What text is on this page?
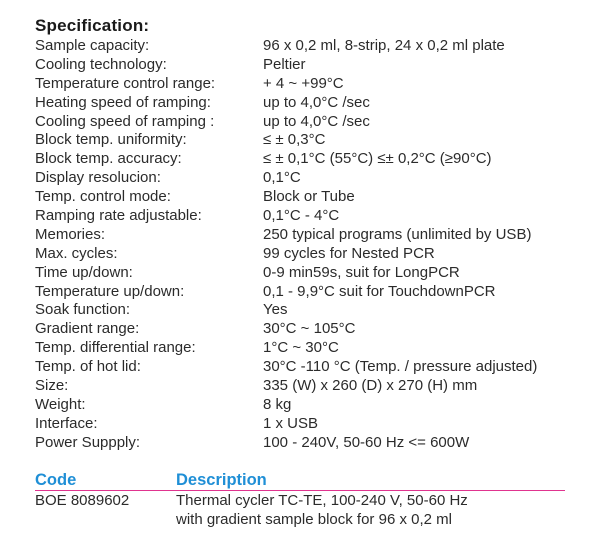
Specification:
Sample capacity:	96 x 0,2 ml, 8-strip, 24 x 0,2 ml plate
Cooling technology:	Peltier
Temperature control range:	+ 4 ~ +99°C
Heating speed of ramping:	up to 4,0°C /sec
Cooling speed of ramping :	up to 4,0°C /sec
Block temp. uniformity:	≤ ± 0,3°C
Block temp. accuracy:	≤ ± 0,1°C (55°C) ≤± 0,2°C (≥90°C)
Display resolucion:	0,1°C
Temp. control mode:	Block or Tube
Ramping rate adjustable:	0,1°C - 4°C
Memories:	250 typical programs (unlimited by USB)
Max. cycles:	99 cycles for Nested PCR
Time up/down:	0-9 min59s, suit for LongPCR
Temperature up/down:	0,1 - 9,9°C suit for TouchdownPCR
Soak function:	Yes
Gradient range:	30°C ~ 105°C
Temp. differential range:	1°C ~ 30°C
Temp. of hot lid:	30°C -110 °C (Temp. / pressure adjusted)
Size:	335 (W) x 260 (D) x 270 (H) mm
Weight:	8 kg
Interface:	1 x USB
Power Suppply:	100 - 240V, 50-60 Hz <= 600W
Code	Description
BOE 8089602	Thermal cycler TC-TE, 100-240 V, 50-60 Hz
with gradient sample block for 96 x 0,2 ml
